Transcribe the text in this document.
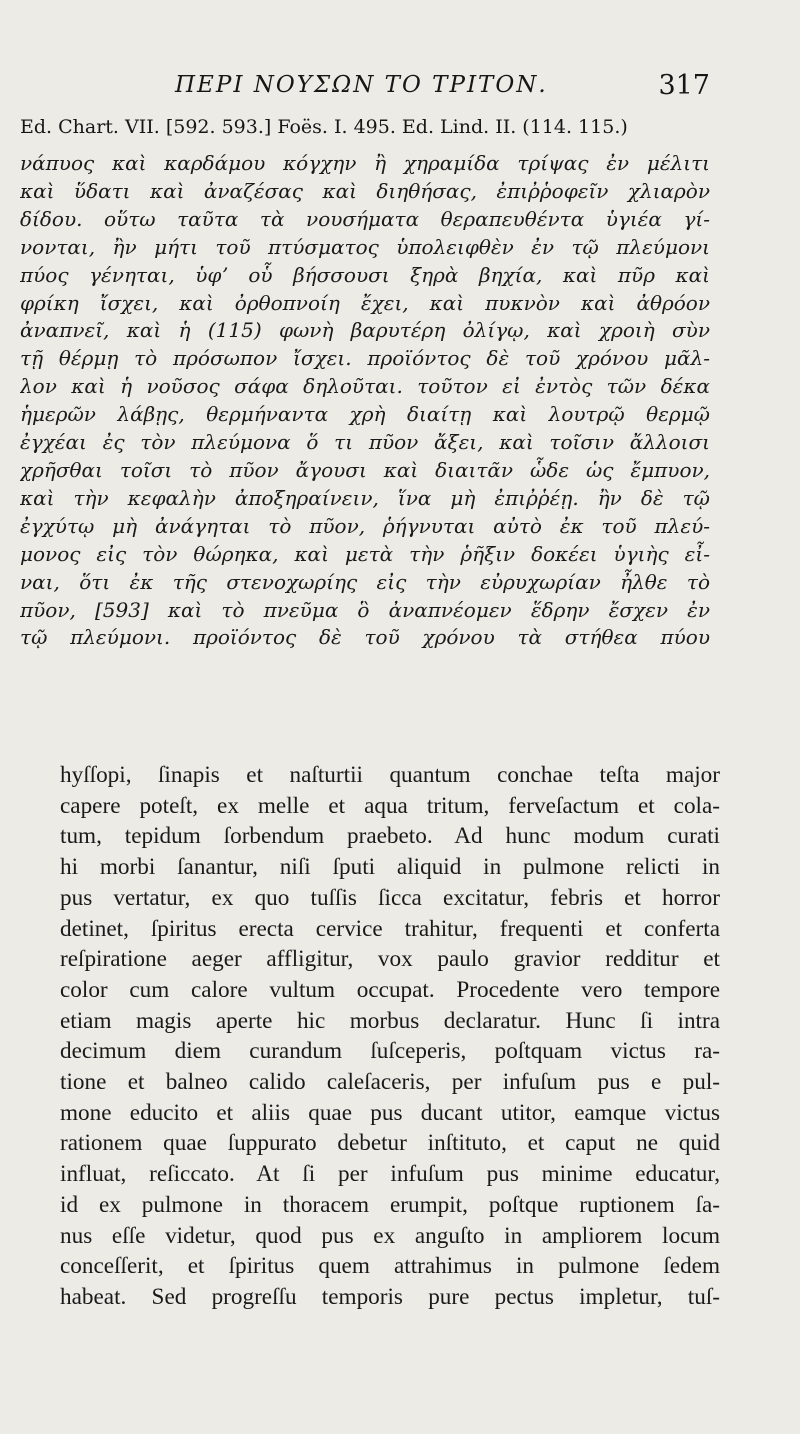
ΠΕΡΙ ΝΟΥΣΩΝ ΤΟ ΤΡΙΤΟΝ.	317
Ed. Chart. VII. [592. 593.] Foës. I. 495. Ed. Lind. II. (114. 115.)
νάπυος καὶ καρδάμου κόγχην ἢ χηραμίδα τρίψας ἐν μέλιτι
καὶ ὕδατι καὶ ἀναζέσας καὶ διηθήσας, ἐπιῤῥοφεῖν χλιαρὸν
δίδου. οὕτω ταῦτα τὰ νουσήματα θεραπευθέντα ὑγιέα γί-
νονται, ἢν μήτι τοῦ πτύσματος ὑπολειφθὲν ἐν τῷ πλεύμονι
πύος γένηται, ὑφʼ οὗ βήσσουσι ξηρὰ βηχία, καὶ πῦρ καὶ
φρίκη ἴσχει, καὶ ὀρθοπνοίη ἔχει, καὶ πυκνὸν καὶ ἀθρόον
ἀναπνεῖ, καὶ ἡ (115) φωνὴ βαρυτέρη ὀλίγῳ, καὶ χροιὴ σὺν
τῇ θέρμῃ τὸ πρόσωπον ἴσχει. προϊόντος δὲ τοῦ χρόνου μᾶλ-
λον καὶ ἡ νοῦσος σάφα δηλοῦται. τοῦτον εἰ ἐντὸς τῶν δέκα
ἡμερῶν λάβῃς, θερμήναντα χρὴ διαίτῃ καὶ λουτρῷ θερμῷ
ἐγχέαι ἐς τὸν πλεύμονα ὅ τι πῦον ἄξει, καὶ τοῖσιν ἄλλοισι
χρῆσθαι τοῖσι τὸ πῦον ἄγουσι καὶ διαιτᾶν ὧδε ὡς ἔμπυον,
καὶ τὴν κεφαλὴν ἀποξηραίνειν, ἵνα μὴ ἐπιῤῥέῃ. ἢν δὲ τῷ
ἐγχύτῳ μὴ ἀνάγηται τὸ πῦον, ῥήγνυται αὐτὸ ἐκ τοῦ πλεύ-
μονος εἰς τὸν θώρηκα, καὶ μετὰ τὴν ῥῆξιν δοκέει ὑγιὴς εἶ-
ναι, ὅτι ἐκ τῆς στενοχωρίης εἰς τὴν εὐρυχωρίαν ἦλθε τὸ
πῦον, [593] καὶ τὸ πνεῦμα ὃ ἀναπνέομεν ἕδρην ἔσχεν ἐν
τῷ πλεύμονι. προϊόντος δὲ τοῦ χρόνου τὰ στήθεα πύου
hyſſopi, ſinapis et naſturtii quantum conchae teſta major
capere poteſt, ex melle et aqua tritum, ferveſactum et cola-
tum, tepidum ſorbendum praebeto. Ad hunc modum curati
hi morbi ſanantur, niſi ſputi aliquid in pulmone relicti in
pus vertatur, ex quo tuſſis ſicca excitatur, febris et horror
detinet, ſpiritus erecta cervice trahitur, frequenti et conferta
reſpiratione aeger affligitur, vox paulo gravior redditur et
color cum calore vultum occupat. Procedente vero tempore
etiam magis aperte hic morbus declaratur. Hunc ſi intra
decimum diem curandum ſuſceperis, poſtquam victus ra-
tione et balneo calido caleſaceris, per infuſum pus e pul-
mone educito et aliis quae pus ducant utitor, eamque victus
rationem quae ſuppurato debetur inſtituto, et caput ne quid
influat, reſiccato. At ſi per infuſum pus minime educatur,
id ex pulmone in thoracem erumpit, poſtque ruptionem ſa-
nus eſſe videtur, quod pus ex anguſto in ampliorem locum
conceſſerit, et ſpiritus quem attrahimus in pulmone ſedem
habeat. Sed progreſſu temporis pure pectus impletur, tuſ-
